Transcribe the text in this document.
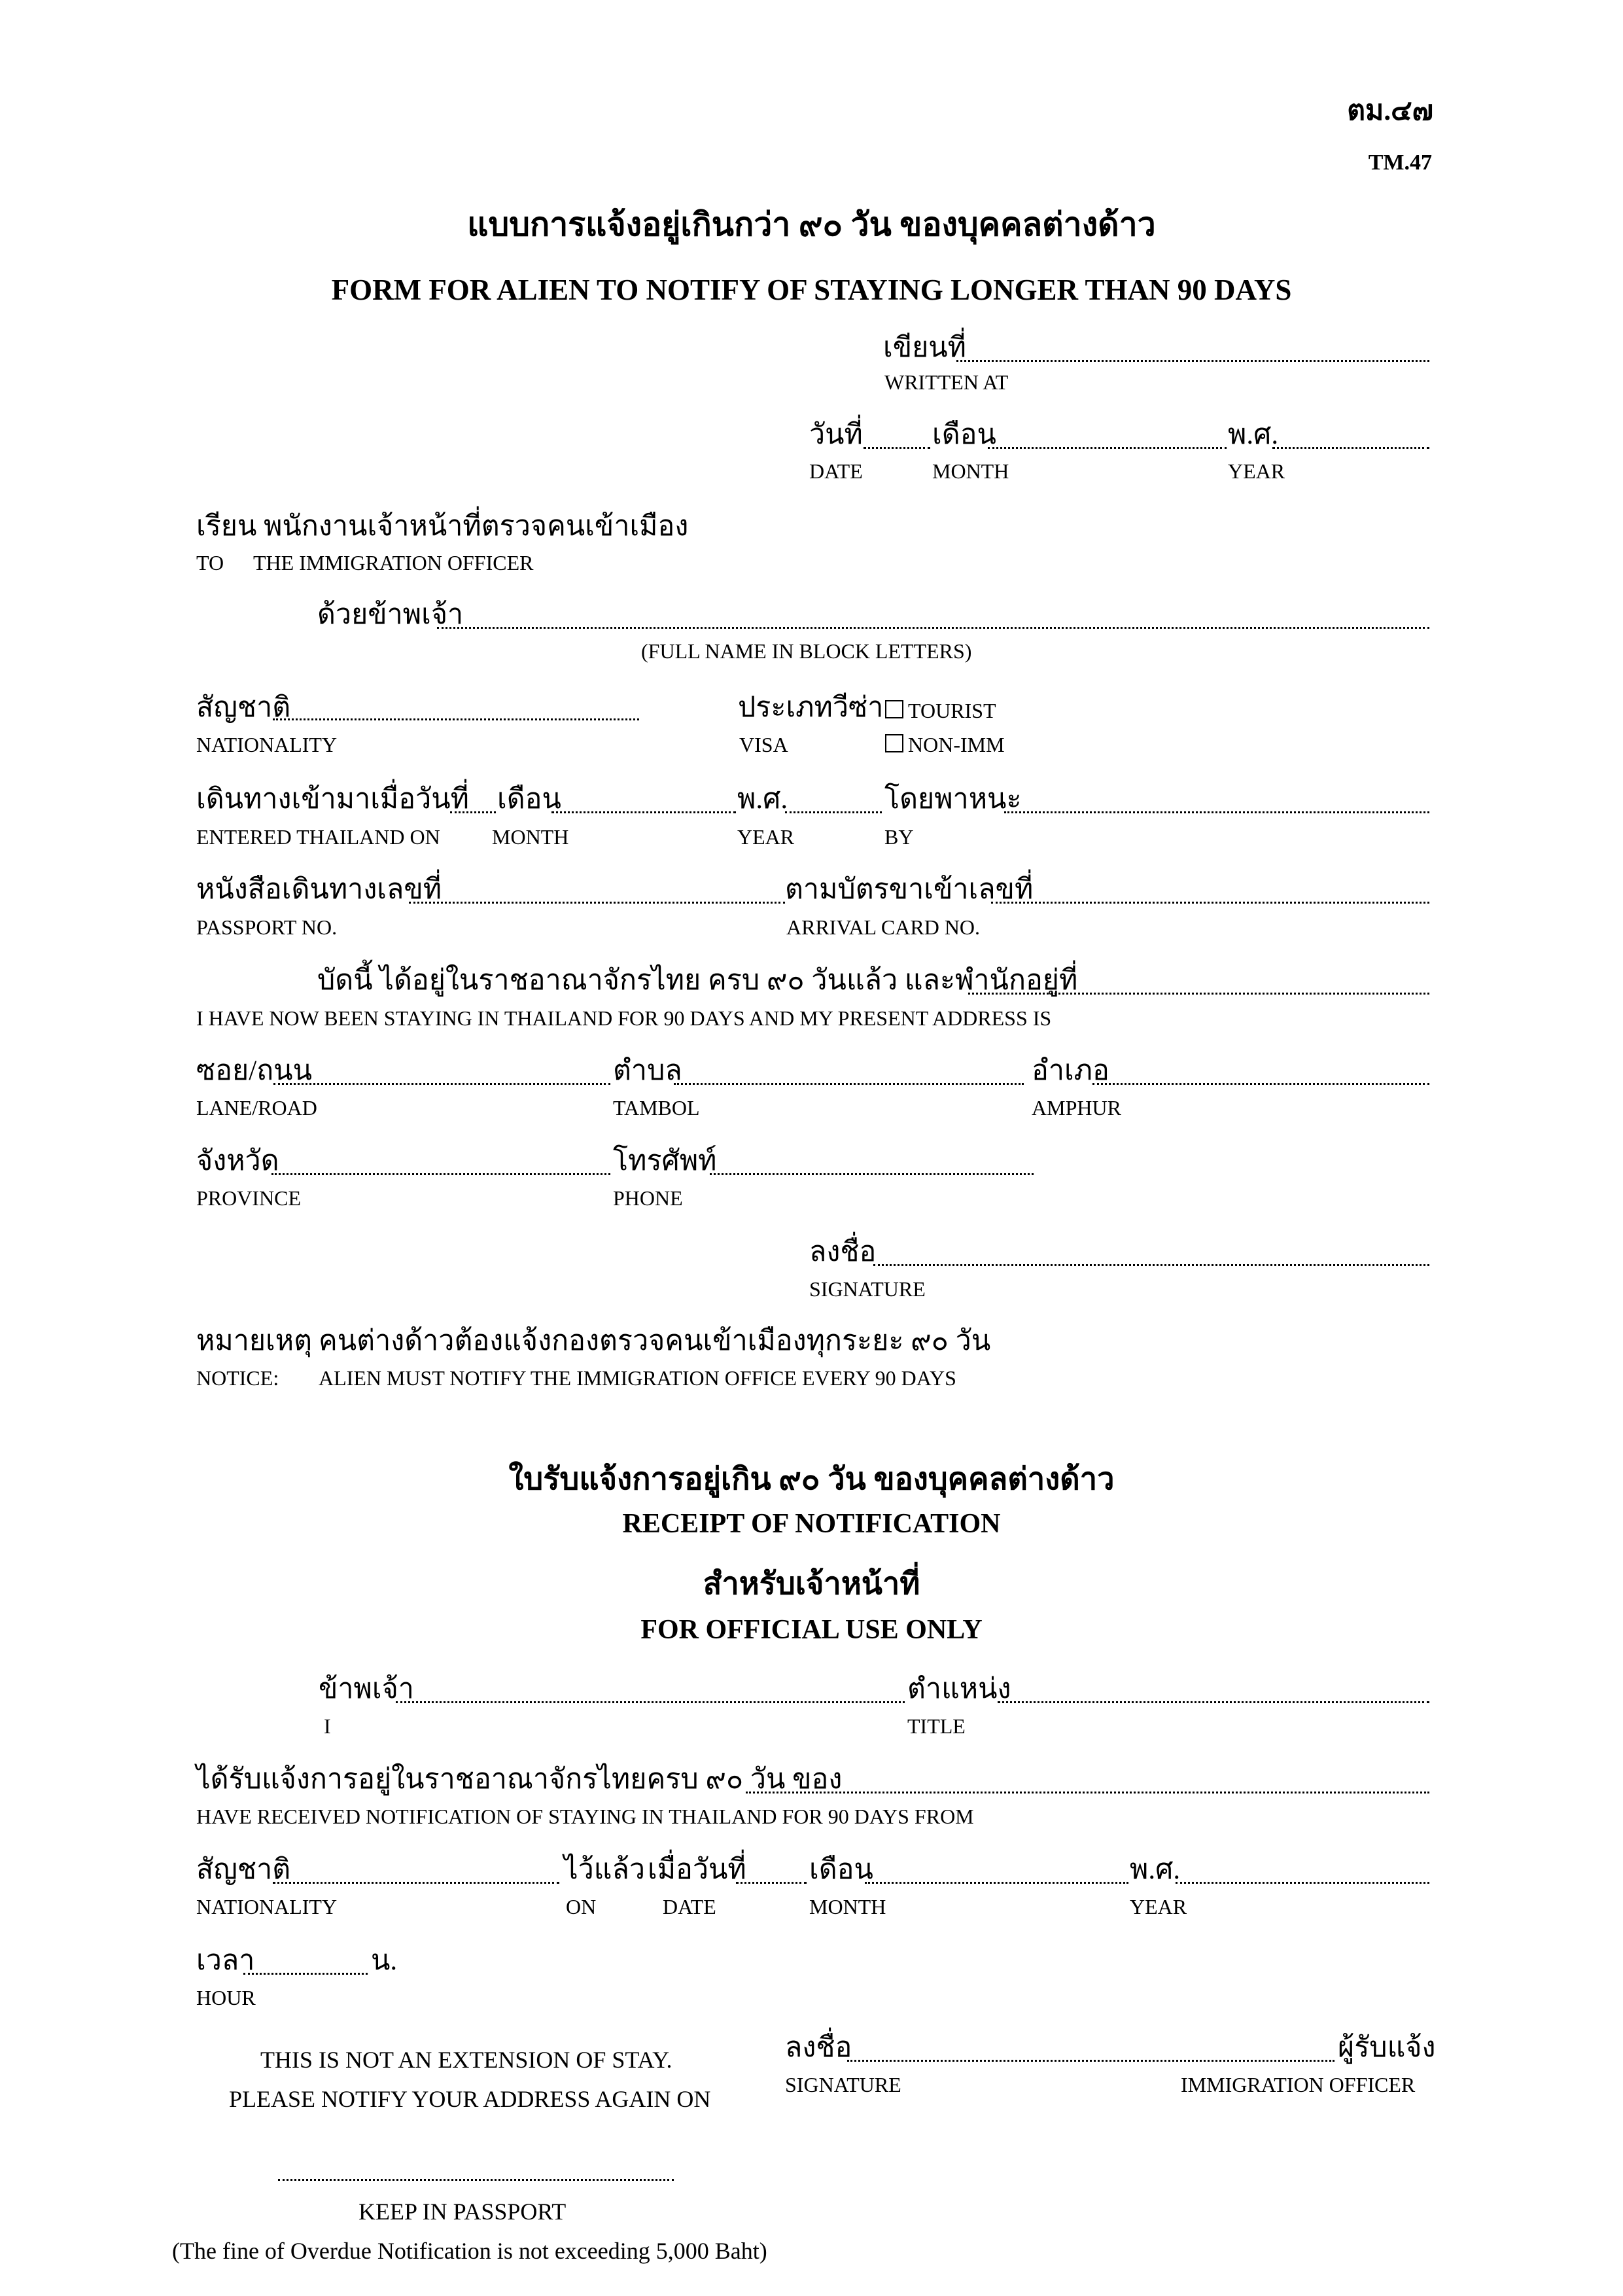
ตม.๔๗
TM.47
แบบการแจ้งอยู่เกินกว่า ๙๐ วัน ของบุคคลต่างด้าว
FORM FOR ALIEN TO NOTIFY OF STAYING LONGER THAN 90 DAYS
เขียนที่
WRITTEN AT
วันที่ เดือน	พ.ศ.
DATE	MONTH	YEAR
เรียน พนักงานเจ้าหน้าที่ตรวจคนเข้าเมือง
TO THE IMMIGRATION OFFICER
ด้วยข้าพเจ้า
(FULL NAME IN BLOCK LETTERS)
สัญชาติ
NATIONALITY
ประเภทวีซ่า
VISA
TOURIST
NON-IMM
เดินทางเข้ามาเมื่อวันที่ เดือน	พ.ศ.	โดยพาหนะ
ENTERED THAILAND ON MONTH	YEAR	BY
หนังสือเดินทางเลขที่	ตามบัตรขาเข้าเลขที่
PASSPORT NO.	ARRIVAL CARD NO.
บัดนี้ ได้อยู่ในราชอาณาจักรไทย ครบ ๙๐ วันแล้ว และพำนักอยู่ที่
I HAVE NOW BEEN STAYING IN THAILAND FOR 90 DAYS AND MY PRESENT ADDRESS IS
ซอย/ถนน	ตำบล	อำเภอ
LANE/ROAD	TAMBOL	AMPHUR
จังหวัด	โทรศัพท์
PROVINCE	PHONE
ลงชื่อ
SIGNATURE
หมายเหตุ คนต่างด้าวต้องแจ้งกองตรวจคนเข้าเมืองทุกระยะ ๙๐ วัน
NOTICE: ALIEN MUST NOTIFY THE IMMIGRATION OFFICE EVERY 90 DAYS
ใบรับแจ้งการอยู่เกิน ๙๐ วัน ของบุคคลต่างด้าว
RECEIPT OF NOTIFICATION
สำหรับเจ้าหน้าที่
FOR OFFICIAL USE ONLY
ข้าพเจ้า	ตำแหน่ง
I	TITLE
ได้รับแจ้งการอยู่ในราชอาณาจักรไทยครบ ๙๐ วัน ของ
HAVE RECEIVED NOTIFICATION OF STAYING IN THAILAND FOR 90 DAYS FROM
สัญชาติ	ไว้แล้ว เมื่อวันที่ เดือน	พ.ศ.
NATIONALITY	ON	DATE	MONTH	YEAR
เวลา	น.
HOUR
THIS IS NOT AN EXTENSION OF STAY.
PLEASE NOTIFY YOUR ADDRESS AGAIN ON
ลงชื่อ	ผู้รับแจ้ง
SIGNATURE	IMMIGRATION OFFICER
KEEP IN PASSPORT
(The fine of Overdue Notification is not exceeding 5,000 Baht)
